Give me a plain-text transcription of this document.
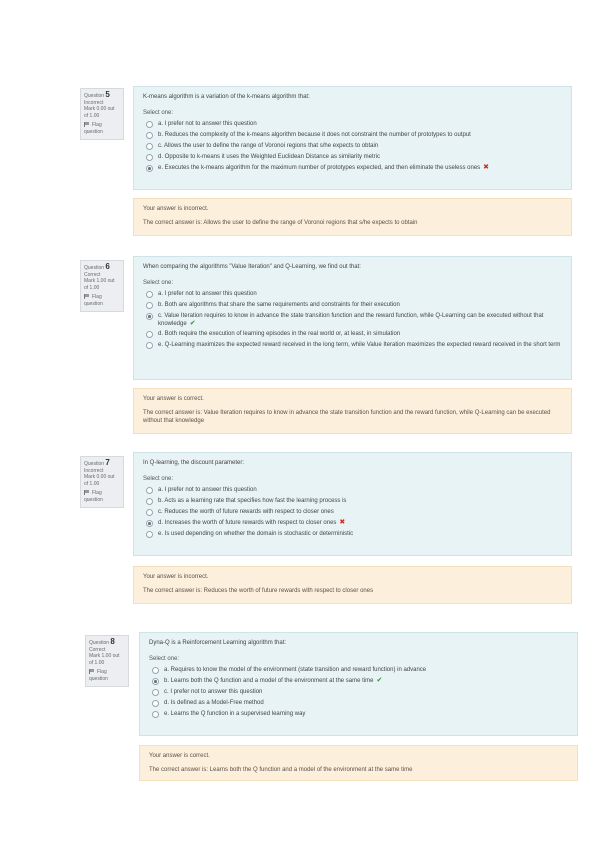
Question 5
Incorrect
Mark 0.00 out of 1.00
Flag question
K-means algorithm is a variation of the k-means algorithm that:
Select one:
a. I prefer not to answer this question
b. Reduces the complexity of the k-means algorithm because it does not constraint the number of prototypes to output
c. Allows the user to define the range of Voronoi regions that s/he expects to obtain
d. Opposite to k-means it uses the Weighted Euclidean Distance as similarity metric
e. Executes the k-means algorithm for the maximum number of prototypes expected, and then eliminate the useless ones ✖
Your answer is incorrect.
The correct answer is: Allows the user to define the range of Voronoi regions that s/he expects to obtain
Question 6
Correct
Mark 1.00 out of 1.00
Flag question
When comparing the algorithms "Value Iteration" and Q-Learning, we find out that:
Select one:
a. I prefer not to answer this question
b. Both are algorithms that share the same requirements and constraints for their execution
c. Value Iteration requires to know in advance the state transition function and the reward function, while Q-Learning can be executed without that knowledge ✔
d. Both require the execution of learning episodes in the real world or, at least, in simulation
e. Q-Learning maximizes the expected reward received in the long term, while Value Iteration maximizes the expected reward received in the short term
Your answer is correct.
The correct answer is: Value Iteration requires to know in advance the state transition function and the reward function, while Q-Learning can be executed without that knowledge
Question 7
Incorrect
Mark 0.00 out of 1.00
Flag question
In Q-learning, the discount parameter:
Select one:
a. I prefer not to answer this question
b. Acts as a learning rate that specifies how fast the learning process is
c. Reduces the worth of future rewards with respect to closer ones
d. Increases the worth of future rewards with respect to closer ones ✖
e. Is used depending on whether the domain is stochastic or deterministic
Your answer is incorrect.
The correct answer is: Reduces the worth of future rewards with respect to closer ones
Question 8
Correct
Mark 1.00 out of 1.00
Flag question
Dyna-Q is a Reinforcement Learning algorithm that:
Select one:
a. Requires to know the model of the environment (state transition and reward function) in advance
b. Learns both the Q function and a model of the environment at the same time ✔
c. I prefer not to answer this question
d. Is defined as a Model-Free method
e. Learns the Q function in a supervised learning way
Your answer is correct.
The correct answer is: Learns both the Q function and a model of the environment at the same time
